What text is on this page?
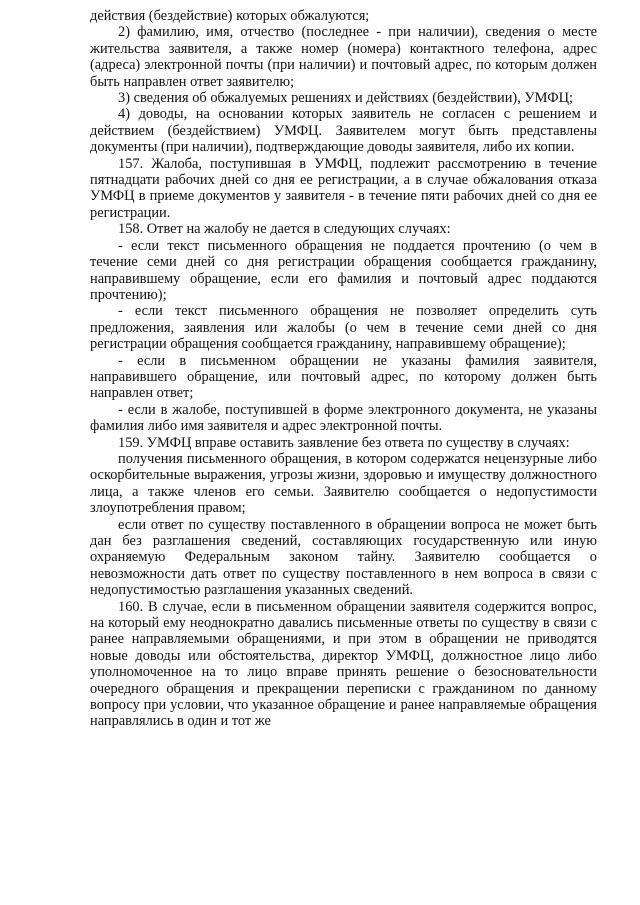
действия (бездействие) которых обжалуются;

2) фамилию, имя, отчество (последнее - при наличии), сведения о месте жительства заявителя, а также номер (номера) контактного телефона, адрес (адреса) электронной почты (при наличии) и почтовый адрес, по которым должен быть направлен ответ заявителю;

3) сведения об обжалуемых решениях и действиях (бездействии), УМФЦ;

4) доводы, на основании которых заявитель не согласен с решением и действием (бездействием) УМФЦ. Заявителем могут быть представлены документы (при наличии), подтверждающие доводы заявителя, либо их копии.

157. Жалоба, поступившая в УМФЦ, подлежит рассмотрению в течение пятнадцати рабочих дней со дня ее регистрации, а в случае обжалования отказа УМФЦ в приеме документов у заявителя - в течение пяти рабочих дней со дня ее регистрации.

158. Ответ на жалобу не дается в следующих случаях:

- если текст письменного обращения не поддается прочтению (о чем в течение семи дней со дня регистрации обращения сообщается гражданину, направившему обращение, если его фамилия и почтовый адрес поддаются прочтению);

- если текст письменного обращения не позволяет определить суть предложения, заявления или жалобы (о чем в течение семи дней со дня регистрации обращения сообщается гражданину, направившему обращение);

- если в письменном обращении не указаны фамилия заявителя, направившего обращение, или почтовый адрес, по которому должен быть направлен ответ;

- если в жалобе, поступившей в форме электронного документа, не указаны фамилия либо имя заявителя и адрес электронной почты.

159. УМФЦ вправе оставить заявление без ответа по существу в случаях:

получения письменного обращения, в котором содержатся нецензурные либо оскорбительные выражения, угрозы жизни, здоровью и имуществу должностного лица, а также членов его семьи. Заявителю сообщается о недопустимости злоупотребления правом;

если ответ по существу поставленного в обращении вопроса не может быть дан без разглашения сведений, составляющих государственную или иную охраняемую Федеральным законом тайну. Заявителю сообщается о невозможности дать ответ по существу поставленного в нем вопроса в связи с недопустимостью разглашения указанных сведений.

160. В случае, если в письменном обращении заявителя содержится вопрос, на который ему неоднократно давались письменные ответы по существу в связи с ранее направляемыми обращениями, и при этом в обращении не приводятся новые доводы или обстоятельства, директор УМФЦ, должностное лицо либо уполномоченное на то лицо вправе принять решение о безосновательности очередного обращения и прекращении переписки с гражданином по данному вопросу при условии, что указанное обращение и ранее направляемые обращения направлялись в один и тот же
